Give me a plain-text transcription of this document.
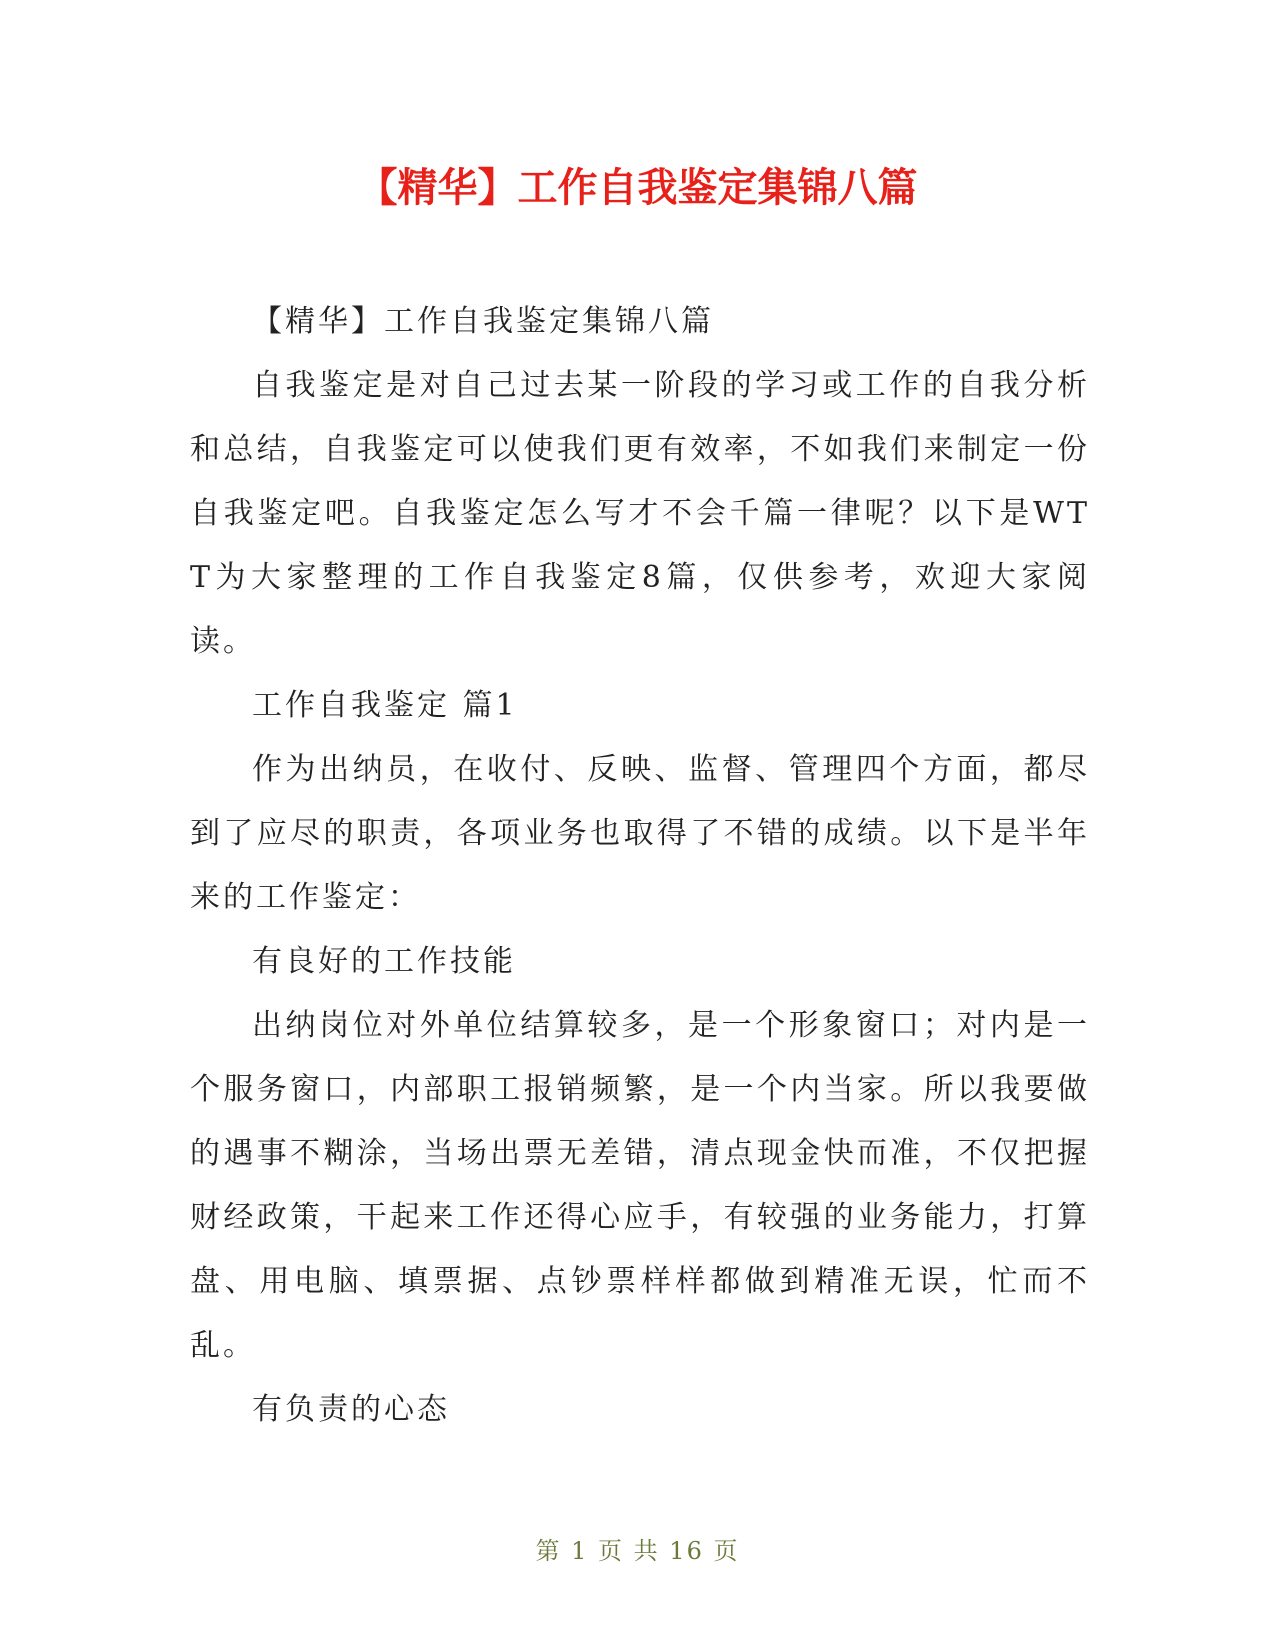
【精华】工作自我鉴定集锦八篇

【精华】工作自我鉴定集锦八篇

自我鉴定是对自己过去某一阶段的学习或工作的自我分析和总结，自我鉴定可以使我们更有效率，不如我们来制定一份自我鉴定吧。自我鉴定怎么写才不会千篇一律呢？以下是WTT为大家整理的工作自我鉴定8篇，仅供参考，欢迎大家阅读。

工作自我鉴定 篇1

作为出纳员，在收付、反映、监督、管理四个方面，都尽到了应尽的职责，各项业务也取得了不错的成绩。以下是半年来的工作鉴定：

有良好的工作技能

出纳岗位对外单位结算较多，是一个形象窗口；对内是一个服务窗口，内部职工报销频繁，是一个内当家。所以我要做的遇事不糊涂，当场出票无差错，清点现金快而准，不仅把握财经政策，干起来工作还得心应手，有较强的业务能力，打算盘、用电脑、填票据、点钞票样样都做到精准无误，忙而不乱。

有负责的心态

第 1 页 共 16 页
